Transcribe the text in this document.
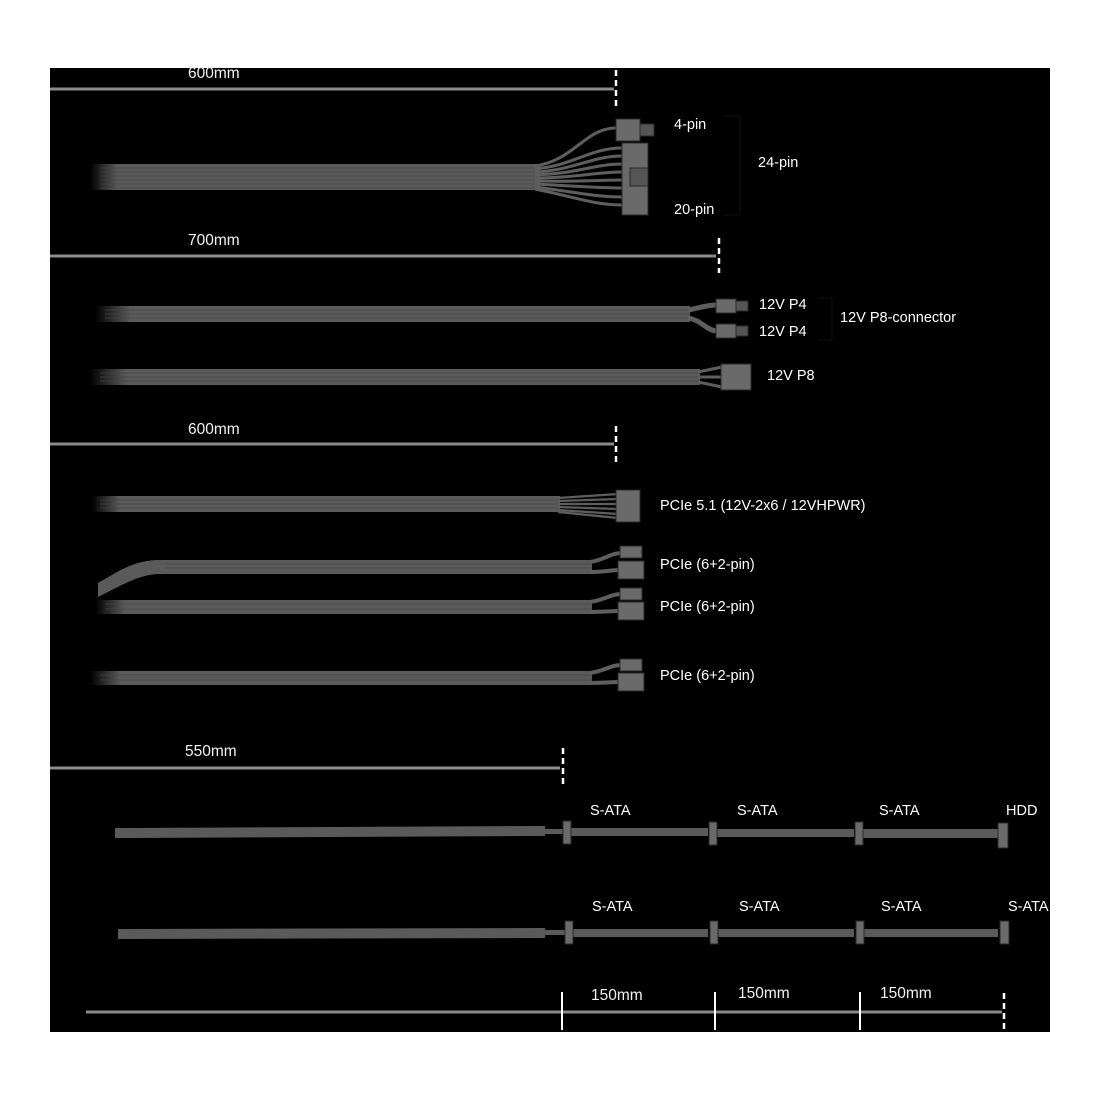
600mm
4-pin
24-pin
20-pin
700mm
12V P4
12V P4
12V P8-connector
12V P8
600mm
PCIe 5.1 (12V-2x6 / 12VHPWR)
PCIe (6+2-pin)
PCIe (6+2-pin)
PCIe (6+2-pin)
550mm
S-ATA	S-ATA	S-ATA	HDD
S-ATA	S-ATA	S-ATA	S-ATA
150mm	150mm	150mm
